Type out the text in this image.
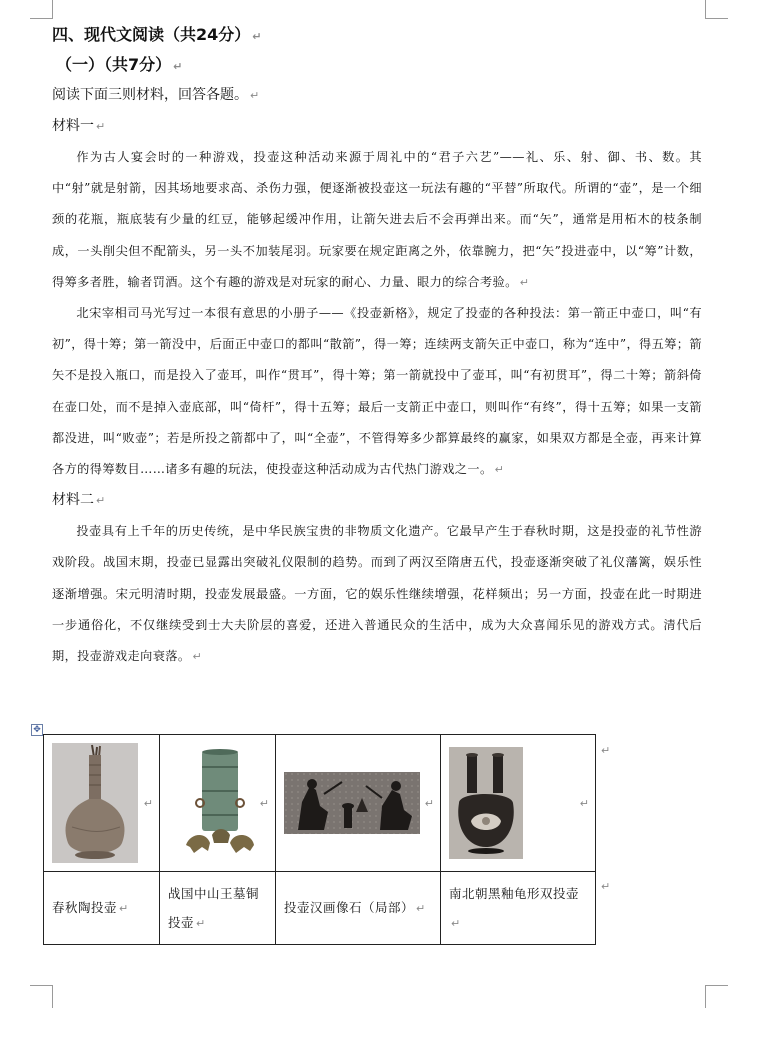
四、现代文阅读（共24分） ↵
（一）（共7分） ↵
阅读下面三则材料，回答各题。 ↵
材料一 ↵

作为古人宴会时的一种游戏，投壶这种活动来源于周礼中的“君子六艺”——礼、乐、射、御、书、数。其中“射”就是射箭，因其场地要求高、杀伤力强，便逐渐被投壶这一玩法有趣的“平替”所取代。所谓的“壶”，是一个细颈的花瓶，瓶底装有少量的红豆，能够起缓冲作用，让箭矢进去后不会再弹出来。而“矢”，通常是用柘木的枝条制成，一头削尖但不配箭头，另一头不加装尾羽。玩家要在规定距离之外，依靠腕力，把“矢”投进壶中，以“筹”计数，得筹多者胜，输者罚酒。这个有趣的游戏是对玩家的耐心、力量、眼力的综合考验。 ↵

北宋宰相司马光写过一本很有意思的小册子——《投壶新格》，规定了投壶的各种投法：第一箭正中壶口，叫“有初”，得十筹；第一箭没中，后面正中壶口的都叫“散箭”，得一筹；连续两支箭矢正中壶口，称为“连中”，得五筹；箭矢不是投入瓶口，而是投入了壶耳，叫作“贯耳”，得十筹；第一箭就投中了壶耳，叫“有初贯耳”，得二十筹；箭斜倚在壶口处，而不是掉入壶底部，叫“倚杆”，得十五筹；最后一支箭正中壶口，则叫作“有终”，得十五筹；如果一支箭都没进，叫“败壶”；若是所投之箭都中了，叫“全壶”，不管得筹多少都算最终的赢家，如果双方都是全壶，再来计算各方的得筹数目……诸多有趣的玩法，使投壶这种活动成为古代热门游戏之一。 ↵

材料二 ↵

投壶具有上千年的历史传统，是中华民族宝贵的非物质文化遗产。它最早产生于春秋时期，这是投壶的礼节性游戏阶段。战国末期，投壶已显露出突破礼仪限制的趋势。而到了两汉至隋唐五代，投壶逐渐突破了礼仪藩篱，娱乐性逐渐增强。宋元明清时期，投壶发展最盛。一方面，它的娱乐性继续增强，花样频出；另一方面，投壶在此一时期进一步通俗化，不仅继续受到士大夫阶层的喜爱，还进入普通民众的生活中，成为大众喜闻乐见的游戏方式。清代后期，投壶游戏走向衰落。 ↵

✥
↵	↵	↵	↵

春秋陶投壶 ↵	战国中山王墓铜投壶 ↵	投壶汉画像石（局部） ↵	南北朝黑釉龟形双投壶↵
↵
↵
